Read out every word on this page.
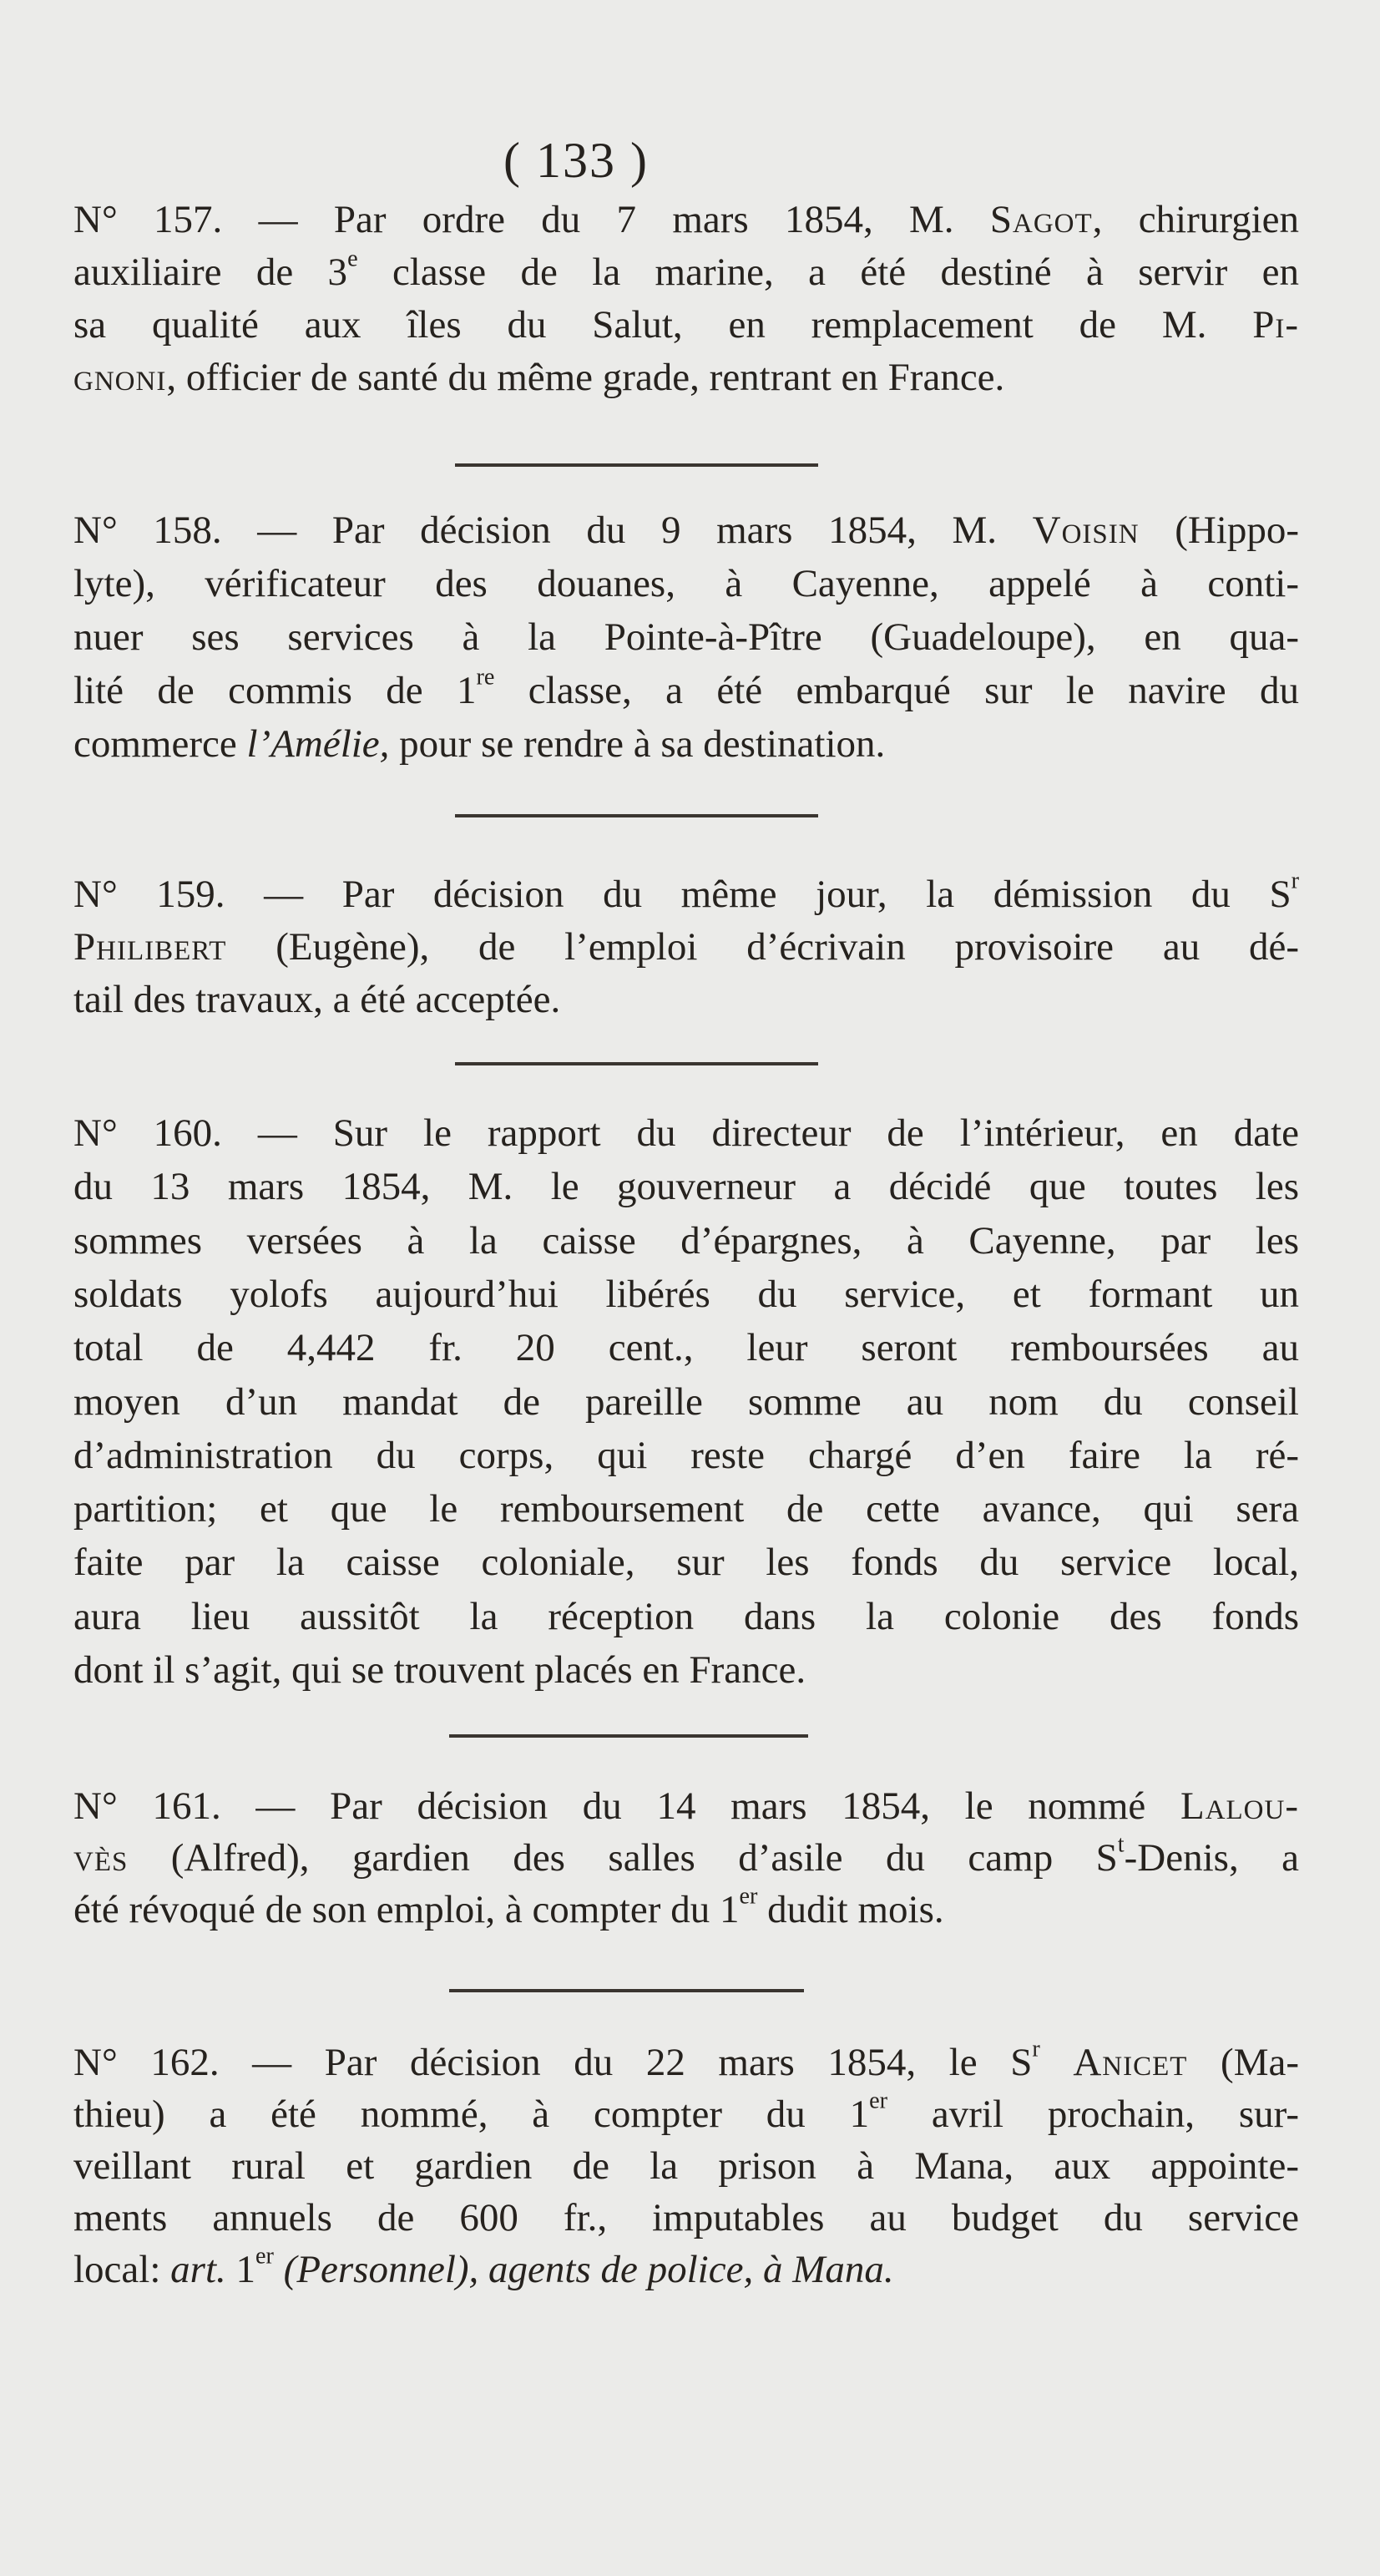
( 133 )
N° 157. — Par ordre du 7 mars 1854, M. Sagot, chirurgien
auxiliaire de 3e classe de la marine, a été destiné à servir en
sa qualité aux îles du Salut, en remplacement de M. Pi-
gnoni, officier de santé du même grade, rentrant en France.
N° 158. — Par décision du 9 mars 1854, M. Voisin (Hippo-
lyte), vérificateur des douanes, à Cayenne, appelé à conti-
nuer ses services à la Pointe-à-Pître (Guadeloupe), en qua-
lité de commis de 1re classe, a été embarqué sur le navire du
commerce l’Amélie, pour se rendre à sa destination.
N° 159. — Par décision du même jour, la démission du $S^r$
Philibert (Eugène), de l’emploi d’écrivain provisoire au dé-
tail des travaux, a été acceptée.
N° 160. — Sur le rapport du directeur de l’intérieur, en date
du 13 mars 1854, M. le gouverneur a décidé que toutes les
sommes versées à la caisse d’épargnes, à Cayenne, par les
soldats yolofs aujourd’hui libérés du service, et formant un
total de 4,442 fr. 20 cent., leur seront remboursées au
moyen d’un mandat de pareille somme au nom du conseil
d’administration du corps, qui reste chargé d’en faire la ré-
partition; et que le remboursement de cette avance, qui sera
faite par la caisse coloniale, sur les fonds du service local,
aura lieu aussitôt la réception dans la colonie des fonds
dont il s’agit, qui se trouvent placés en France.
N° 161. — Par décision du 14 mars 1854, le nommé Lalou-
vès (Alfred), gardien des salles d’asile du camp $S^t$-Denis, a
été révoqué de son emploi, à compter du 1er dudit mois.
N° 162. — Par décision du 22 mars 1854, le $S^r$ Anicet (Ma-
thieu) a été nommé, à compter du 1er avril prochain, sur-
veillant rural et gardien de la prison à Mana, aux appointe-
ments annuels de 600 fr., imputables au budget du service
local: art. 1er (Personnel), agents de police, à Mana.
